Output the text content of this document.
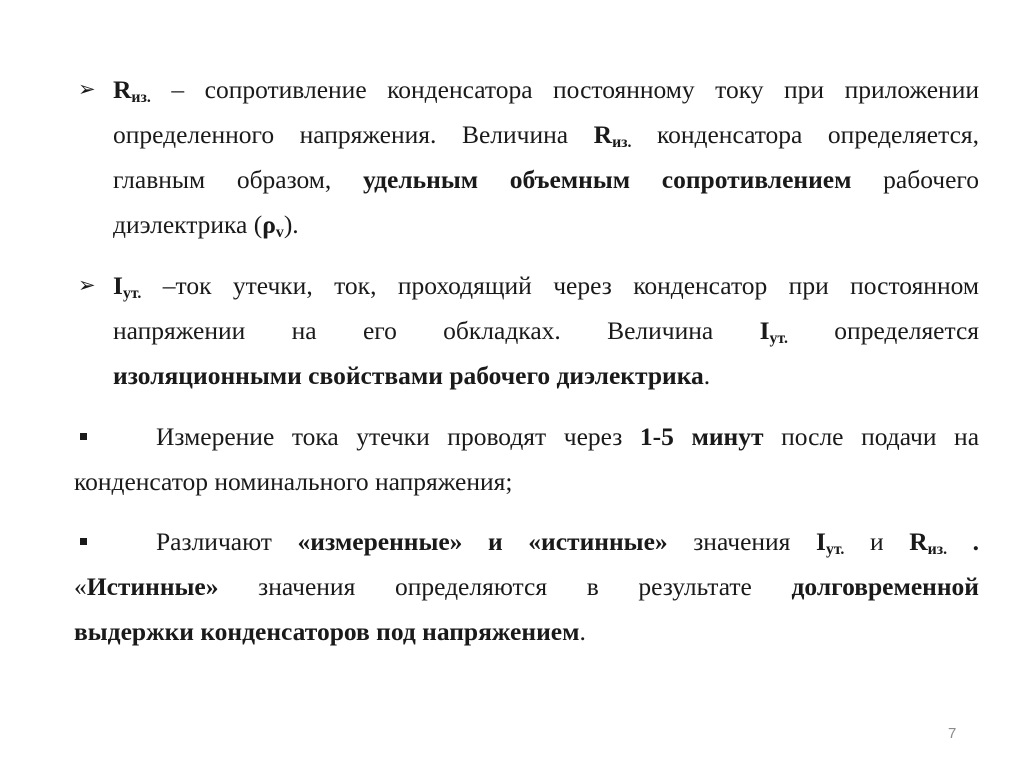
➢ $R_{из.}$ – сопротивление конденсатора постоянному току при приложении
определенного напряжения. Величина $R_{из.}$ конденсатора определяется,
главным образом, удельным объемным сопротивлением рабочего
диэлектрика $(\rho_v)$.
➢ $I_{ут.}$ –ток утечки, ток, проходящий через конденсатор при постоянном
напряжении на его обкладках. Величина $I_{ут.}$ определяется
изоляционными свойствами рабочего диэлектрика.
Измерение тока утечки проводят через 1-5 минут после подачи на
конденсатор номинального напряжения;
Различают «измеренные» и «истинные» значения $I_{ут.}$ и $R_{из.}$ .
«Истинные» значения определяются в результате долговременной
выдержки конденсаторов под напряжением.
7
